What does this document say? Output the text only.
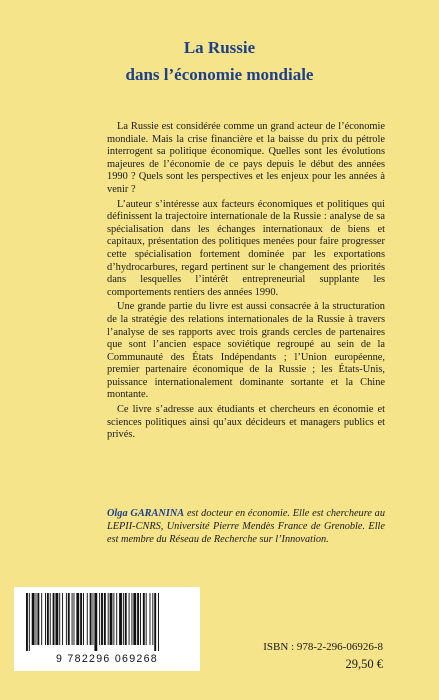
La Russie
dans l’économie mondiale

La Russie est considérée comme un grand acteur de l’économie mondiale. Mais la crise financière et la baisse du prix du pétrole interrogent sa politique économique. Quelles sont les évolutions majeures de l’économie de ce pays depuis le début des années 1990 ? Quels sont les perspectives et les enjeux pour les années à venir ?

L’auteur s’intéresse aux facteurs économiques et politiques qui définissent la trajectoire internationale de la Russie : analyse de sa spécialisation dans les échanges internationaux de biens et capitaux, présentation des politiques menées pour faire progresser cette spécialisation fortement dominée par les exportations d’hydrocarbures, regard pertinent sur le changement des priorités dans lesquelles l’intérêt entrepreneurial supplante les comportements rentiers des années 1990.

Une grande partie du livre est aussi consacrée à la structuration de la stratégie des relations internationales de la Russie à travers l’analyse de ses rapports avec trois grands cercles de partenaires que sont l’ancien espace soviétique regroupé au sein de la Communauté des États Indépendants ; l’Union européenne, premier partenaire économique de la Russie ; les États-Unis, puissance internationalement dominante sortante et la Chine montante.

Ce livre s’adresse aux étudiants et chercheurs en économie et sciences politiques ainsi qu’aux décideurs et managers publics et privés.

Olga GARANINA est docteur en économie. Elle est chercheure au LEPII-CNRS, Université Pierre Mendès France de Grenoble. Elle est membre du Réseau de Recherche sur l’Innovation.
9 782296 069268
ISBN : 978-2-296-06926-8
29,50 €
